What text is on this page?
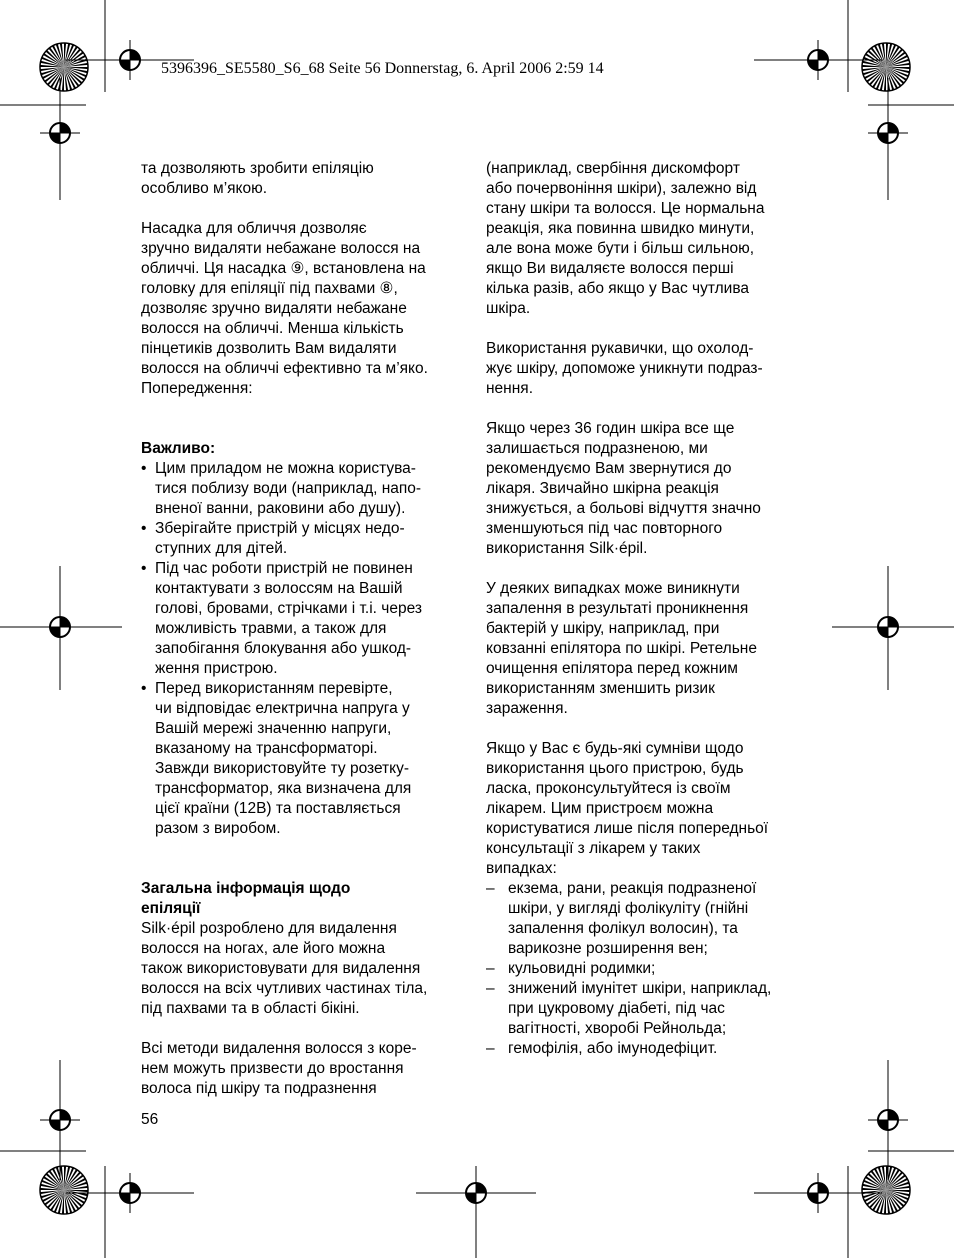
5396396_SE5580_S6_68 Seite 56 Donnerstag, 6. April 2006 2:59 14

та дозволяють зробити епіляцію

особливо м’якою.

Насадка для обличчя дозволяє

зручно видаляти небажане волосся на

обличчі. Ця насадка ⑨, встановлена на

головку для епіляції під пахвами ⑧,

дозволяє зручно видаляти небажане

волосся на обличчі. Менша кількість

пінцетиків дозволить Вам видаляти

волосся на обличчі ефективно та м’яко.

Попередження:

Важливо:

• Цим приладом не можна користува-

тися поблизу води (наприклад, напо-

вненої ванни, раковини або душу).

• Зберігайте пристрій у місцях недо-

ступних для дітей.

• Під час роботи пристрій не повинен

контактувати з волоссям на Вашій

голові, бровами, стрічками і т.і. через

можливість травми, а також для

запобігання блокування або ушкод-

ження пристрою.

• Перед використанням перевірте,

чи відповідає електрична напруга у

Вашій мережі значенню напруги,

вказаному на трансформаторі.

Завжди використовуйте ту розетку-

трансформатор, яка визначена для

цієї країни (12В) та поставляється

разом з виробом.

Загальна інформація щодо

епіляції

Silk·épil розроблено для видалення

волосся на ногах, але його можна

також використовувати для видалення

волосся на всіх чутливих частинах тіла,

під пахвами та в області бікіні.

Всі методи видалення волосся з коре-

нем можуть призвести до вростання

волоса під шкіру та подразнення

(наприклад, свербіння дискомфорт

або почервоніння шкіри), залежно від

стану шкіри та волосся. Це нормальна

реакція, яка повинна швидко минути,

але вона може бути і більш сильною,

якщо Ви видаляєте волосся перші

кілька разів, або якщо у Вас чутлива

шкіра.

Використання рукавички, що охолод-

жує шкіру, допоможе уникнути подраз-

нення.

Якщо через 36 годин шкіра все ще

залишається подразненою, ми

рекомендуємо Вам звернутися до

лікаря. Звичайно шкірна реакція

знижується, а больові відчуття значно

зменшуються під час повторного

використання Silk·épil.

У деяких випадках може виникнути

запалення в результаті проникнення

бактерій у шкіру, наприклад, при

ковзанні епілятора по шкірі. Ретельне

очищення епілятора перед кожним

використанням зменшить ризик

зараження.

Якщо у Вас є будь-які сумніви щодо

використання цього пристрою, будь

ласка, проконсультуйтеся із своїм

лікарем. Цим пристроєм можна

користуватися лише після попередньої

консультації з лікарем у таких

випадках:

– екзема, рани, реакція подразненої

шкіри, у вигляді фолікуліту (гнійні

запалення фолікул волосин), та

варикозне розширення вен;

– кульовидні родимки;

– знижений імунітет шкіри, наприклад,

при цукровому діабеті, під час

вагітності, хворобі Рейнольда;

– гемофілія, або імунодефіцит.

56
